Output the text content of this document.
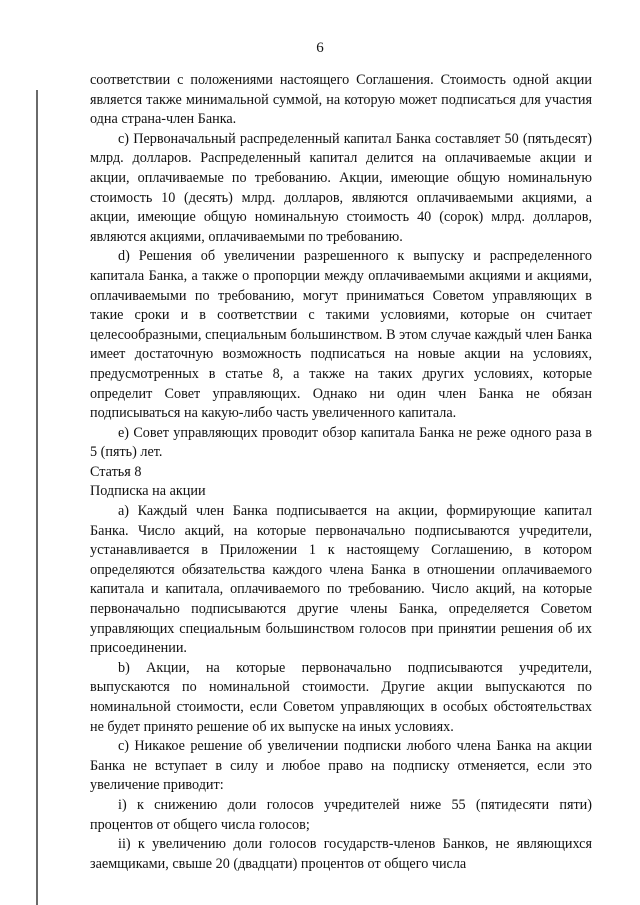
6

соответствии с положениями настоящего Соглашения. Стоимость одной акции является также минимальной суммой, на которую может подписаться для участия одна страна-член Банка.

c) Первоначальный распределенный капитал Банка составляет 50 (пятьдесят) млрд. долларов. Распределенный капитал делится на оплачиваемые акции и акции, оплачиваемые по требованию. Акции, имеющие общую номинальную стоимость 10 (десять) млрд. долларов, являются оплачиваемыми акциями, а акции, имеющие общую номинальную стоимость 40 (сорок) млрд. долларов, являются акциями, оплачиваемыми по требованию.

d) Решения об увеличении разрешенного к выпуску и распределенного капитала Банка, а также о пропорции между оплачиваемыми акциями и акциями, оплачиваемыми по требованию, могут приниматься Советом управляющих в такие сроки и в соответствии с такими условиями, которые он считает целесообразными, специальным большинством. В этом случае каждый член Банка имеет достаточную возможность подписаться на новые акции на условиях, предусмотренных в статье 8, а также на таких других условиях, которые определит Совет управляющих. Однако ни один член Банка не обязан подписываться на какую-либо часть увеличенного капитала.

e) Совет управляющих проводит обзор капитала Банка не реже одного раза в 5 (пять) лет.

Статья 8

Подписка на акции

a) Каждый член Банка подписывается на акции, формирующие капитал Банка. Число акций, на которые первоначально подписываются учредители, устанавливается в Приложении 1 к настоящему Соглашению, в котором определяются обязательства каждого члена Банка в отношении оплачиваемого капитала и капитала, оплачиваемого по требованию. Число акций, на которые первоначально подписываются другие члены Банка, определяется Советом управляющих специальным большинством голосов при принятии решения об их присоединении.

b) Акции, на которые первоначально подписываются учредители, выпускаются по номинальной стоимости. Другие акции выпускаются по номинальной стоимости, если Советом управляющих в особых обстоятельствах не будет принято решение об их выпуске на иных условиях.

c) Никакое решение об увеличении подписки любого члена Банка на акции Банка не вступает в силу и любое право на подписку отменяется, если это увеличение приводит:

i) к снижению доли голосов учредителей ниже 55 (пятидесяти пяти) процентов от общего числа голосов;

ii) к увеличению доли голосов государств-членов Банков, не являющихся заемщиками, свыше 20 (двадцати) процентов от общего числа
